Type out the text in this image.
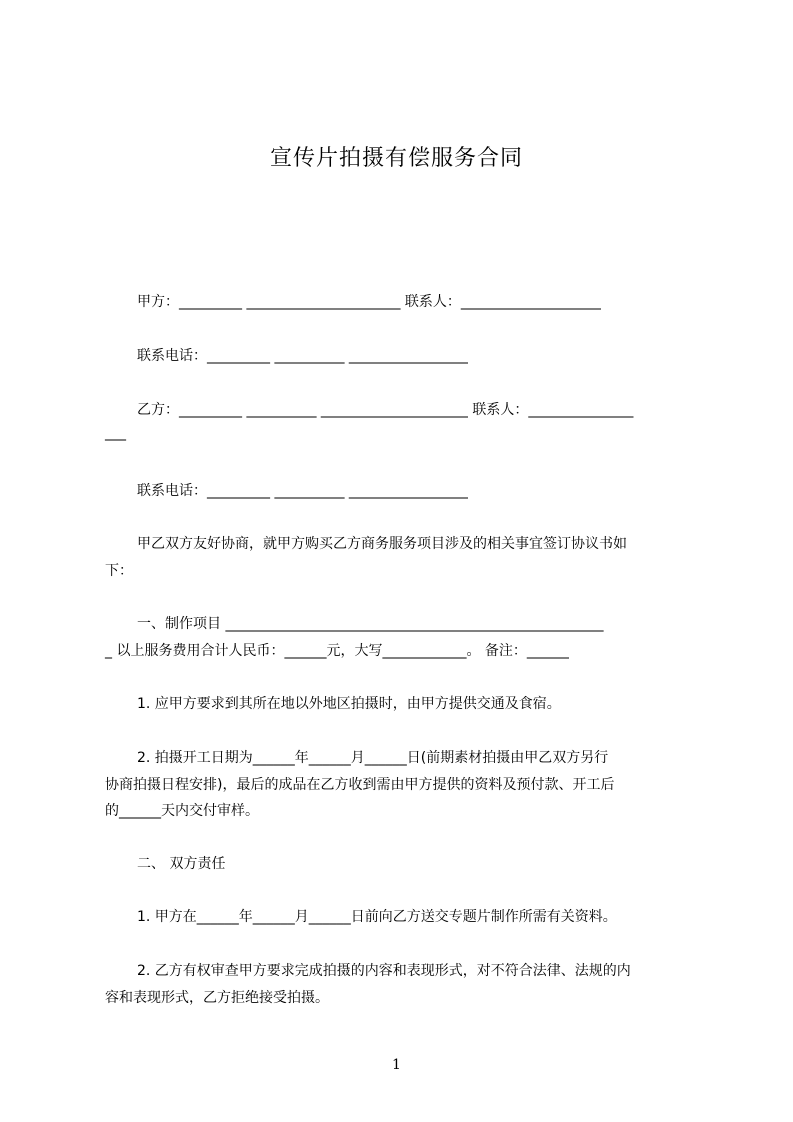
宣传片拍摄有偿服务合同
甲方：_________ ______________________ 联系人：____________________
联系电话：_________ __________ _________________
乙方：_________ __________ _____________________ 联系人：_______________
___
联系电话：_________ __________ _________________
甲乙双方友好协商，就甲方购买乙方商务服务项目涉及的相关事宜签订协议书如
下：
一、制作项目 ______________________________________________________
_ 以上服务费用合计人民币：______元，大写____________。 备注：______
1. 应甲方要求到其所在地以外地区拍摄时，由甲方提供交通及食宿。
2. 拍摄开工日期为______年______月______日(前期素材拍摄由甲乙双方另行
协商拍摄日程安排)，最后的成品在乙方收到需由甲方提供的资料及预付款、开工后
的______天内交付审样。
二、 双方责任
1. 甲方在______年______月______日前向乙方送交专题片制作所需有关资料。
2. 乙方有权审查甲方要求完成拍摄的内容和表现形式，对不符合法律、法规的内
容和表现形式，乙方拒绝接受拍摄。
1
